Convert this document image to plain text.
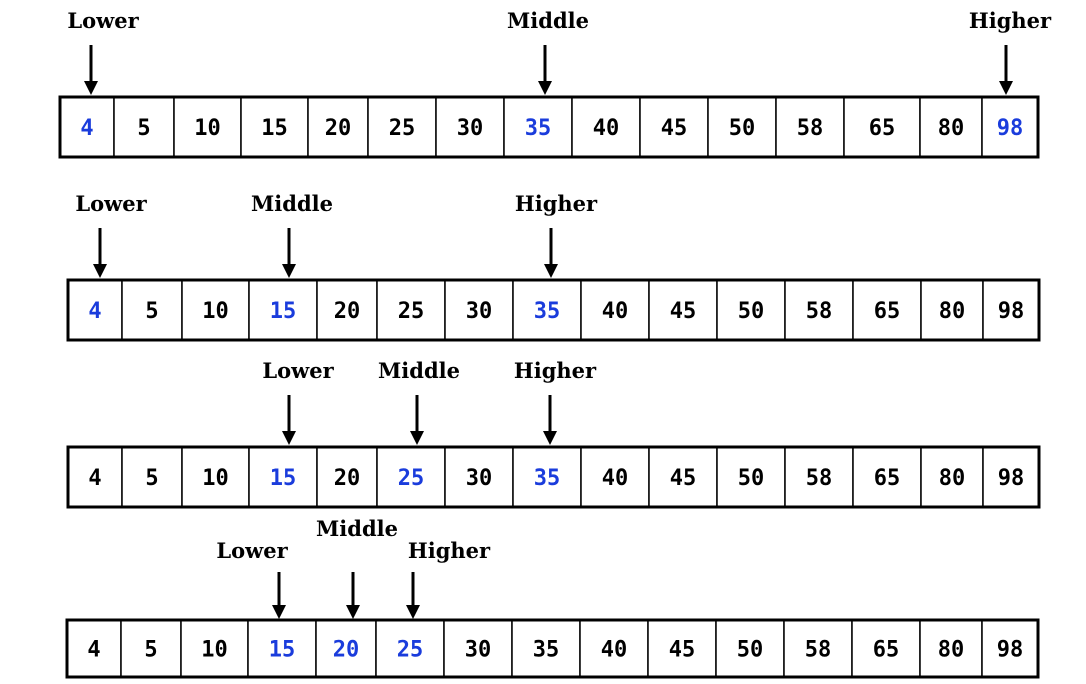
4 5 10 15 20 25 30 35 40 45 50 58 65 80 98
Lower	Middle	Higher
4 5 10 15 20 25 30 35 40 45 50 58 65 80 98
Lower	Middle	Higher
4 5 10 15 20 25 30 35 40 45 50 58 65 80 98
Lower Middle	Higher
4 5 10 15 20 25 30 35 40 45 50 58 65 80 98
Lower
Middle
Higher
